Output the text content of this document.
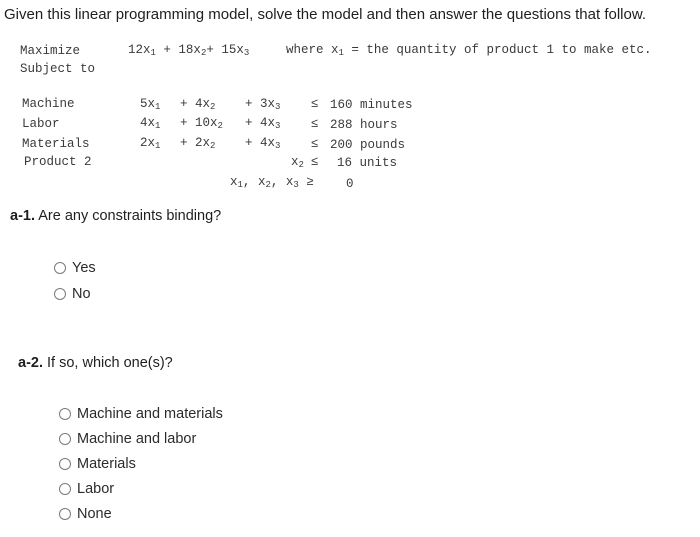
Given this linear programming model, solve the model and then answer the questions that follow.
Maximize
Subject to
$12x_1 + 18x_2+ 15x_3$	where $x_1$ = the quantity of product 1 to make etc.
Machine
Labor
Materials
Product 2
$5x_1 + 4x_2 + 3x_3 \le 160$ minutes
$4x_1 + 10x_2 + 4x_3 \le 288$ hours
$2x_1 + 2x_2 + 4x_3 \le 200$ pounds
$x_2 \le 16$ units
$x_1$, $x_2$, $x_3$ ≥	0
a-1. Are any constraints binding?
Yes
No
a-2. If so, which one(s)?
Machine and materials
Machine and labor
Materials
Labor
None
